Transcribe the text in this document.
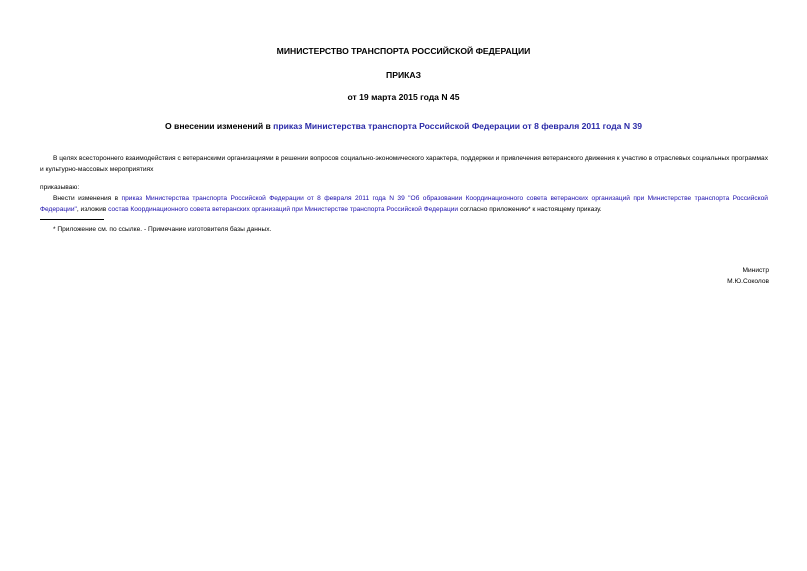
МИНИСТЕРСТВО ТРАНСПОРТА РОССИЙСКОЙ ФЕДЕРАЦИИ
ПРИКАЗ
от 19 марта 2015 года N 45
О внесении изменений в приказ Министерства транспорта Российской Федерации от 8 февраля 2011 года N 39
В целях всестороннего взаимодействия с ветеранскими организациями в решении вопросов социально-экономического характера, поддержки и привлечения ветеранского движения к участию в отраслевых социальных программах и культурно-массовых мероприятиях
приказываю:
Внести изменения в приказ Министерства транспорта Российской Федерации от 8 февраля 2011 года N 39 "Об образовании Координационного совета ветеранских организаций при Министерстве транспорта Российской Федерации", изложив состав Координационного совета ветеранских организаций при Министерстве транспорта Российской Федерации согласно приложению* к настоящему приказу.
* Приложение см. по ссылке. - Примечание изготовителя базы данных.
Министр
М.Ю.Соколов
